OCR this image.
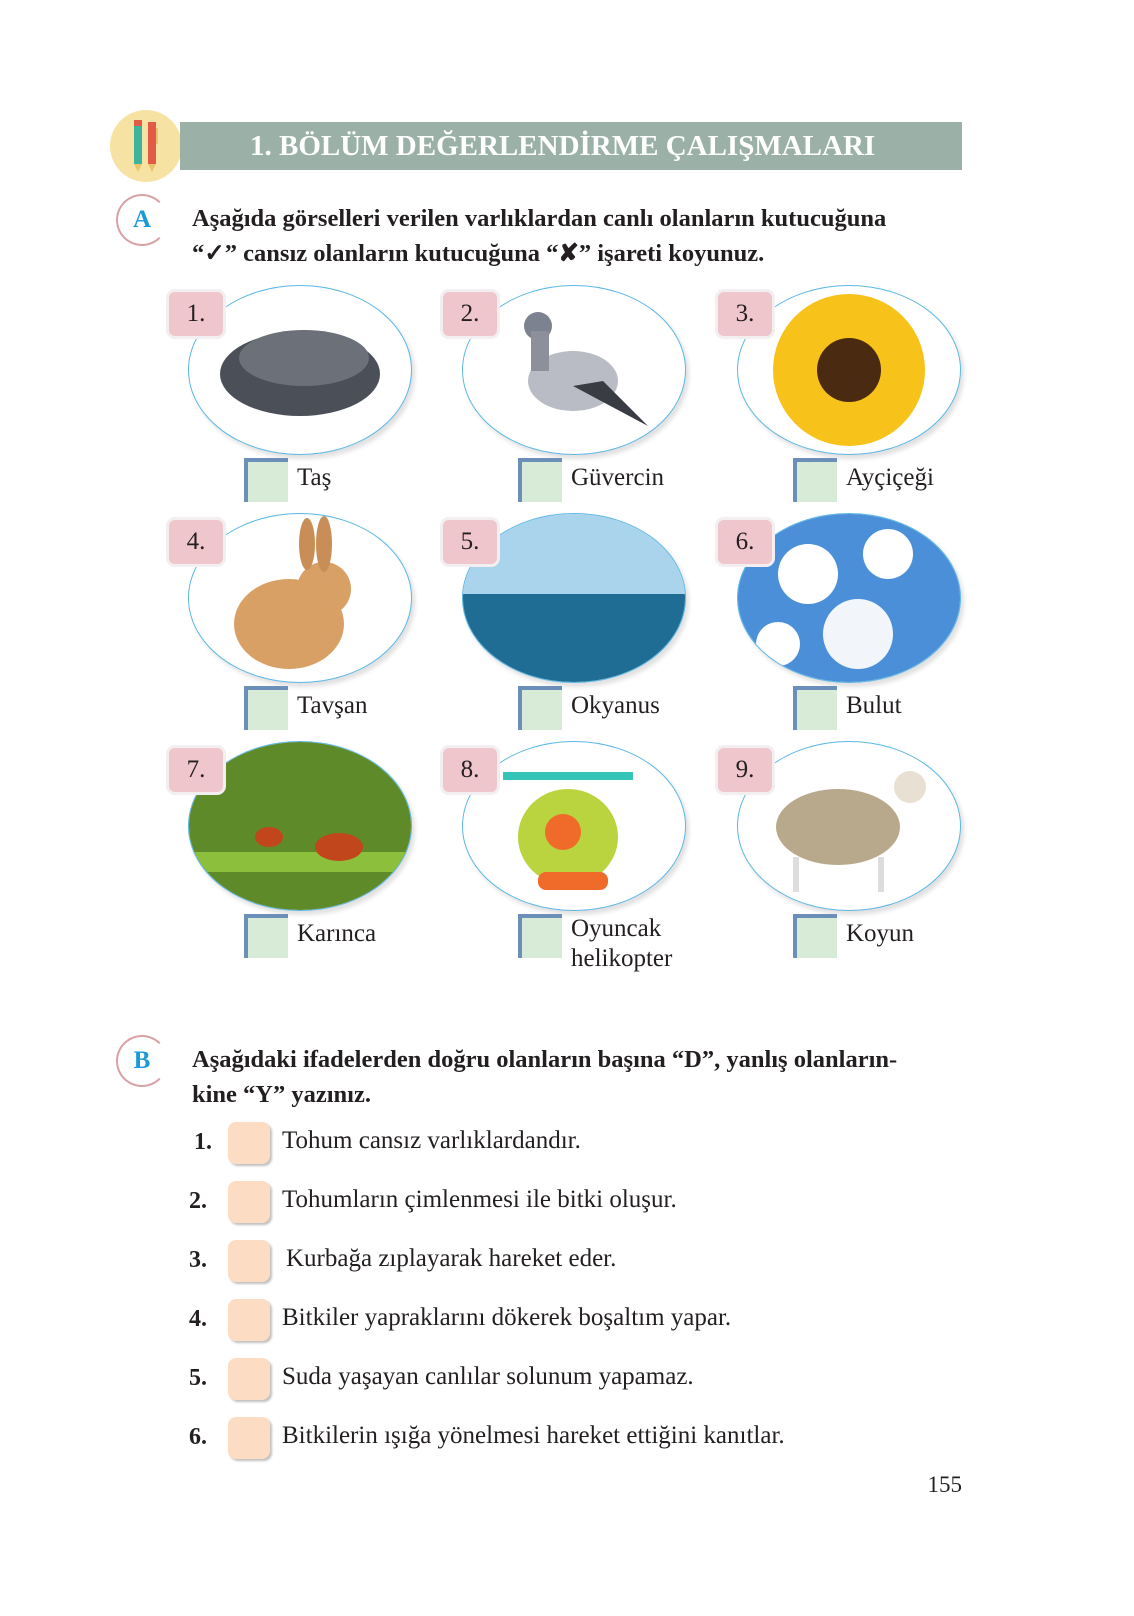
1. BÖLÜM DEĞERLENDİRME ÇALIŞMALARI
A	Aşağıda görselleri verilen varlıklardan canlı olanların kutucuğuna
“✓” cansız olanların kutucuğuna “✘” işareti koyunuz.
1.
Taş
2.
Güvercin
3.
Ayçiçeği
4.
Tavşan
5.
Okyanus
6.
Bulut
7.
Karınca
8.
Oyuncak helikopter
9.
Koyun
B	Aşağıdaki ifadelerden doğru olanların başına “D”, yanlış olanların-
kine “Y” yazınız.
1.	Tohum cansız varlıklardandır.
2.	Tohumların çimlenmesi ile bitki oluşur.
3.	Kurbağa zıplayarak hareket eder.
4.	Bitkiler yapraklarını dökerek boşaltım yapar.
5.	Suda yaşayan canlılar solunum yapamaz.
6.	Bitkilerin ışığa yönelmesi hareket ettiğini kanıtlar.
155
